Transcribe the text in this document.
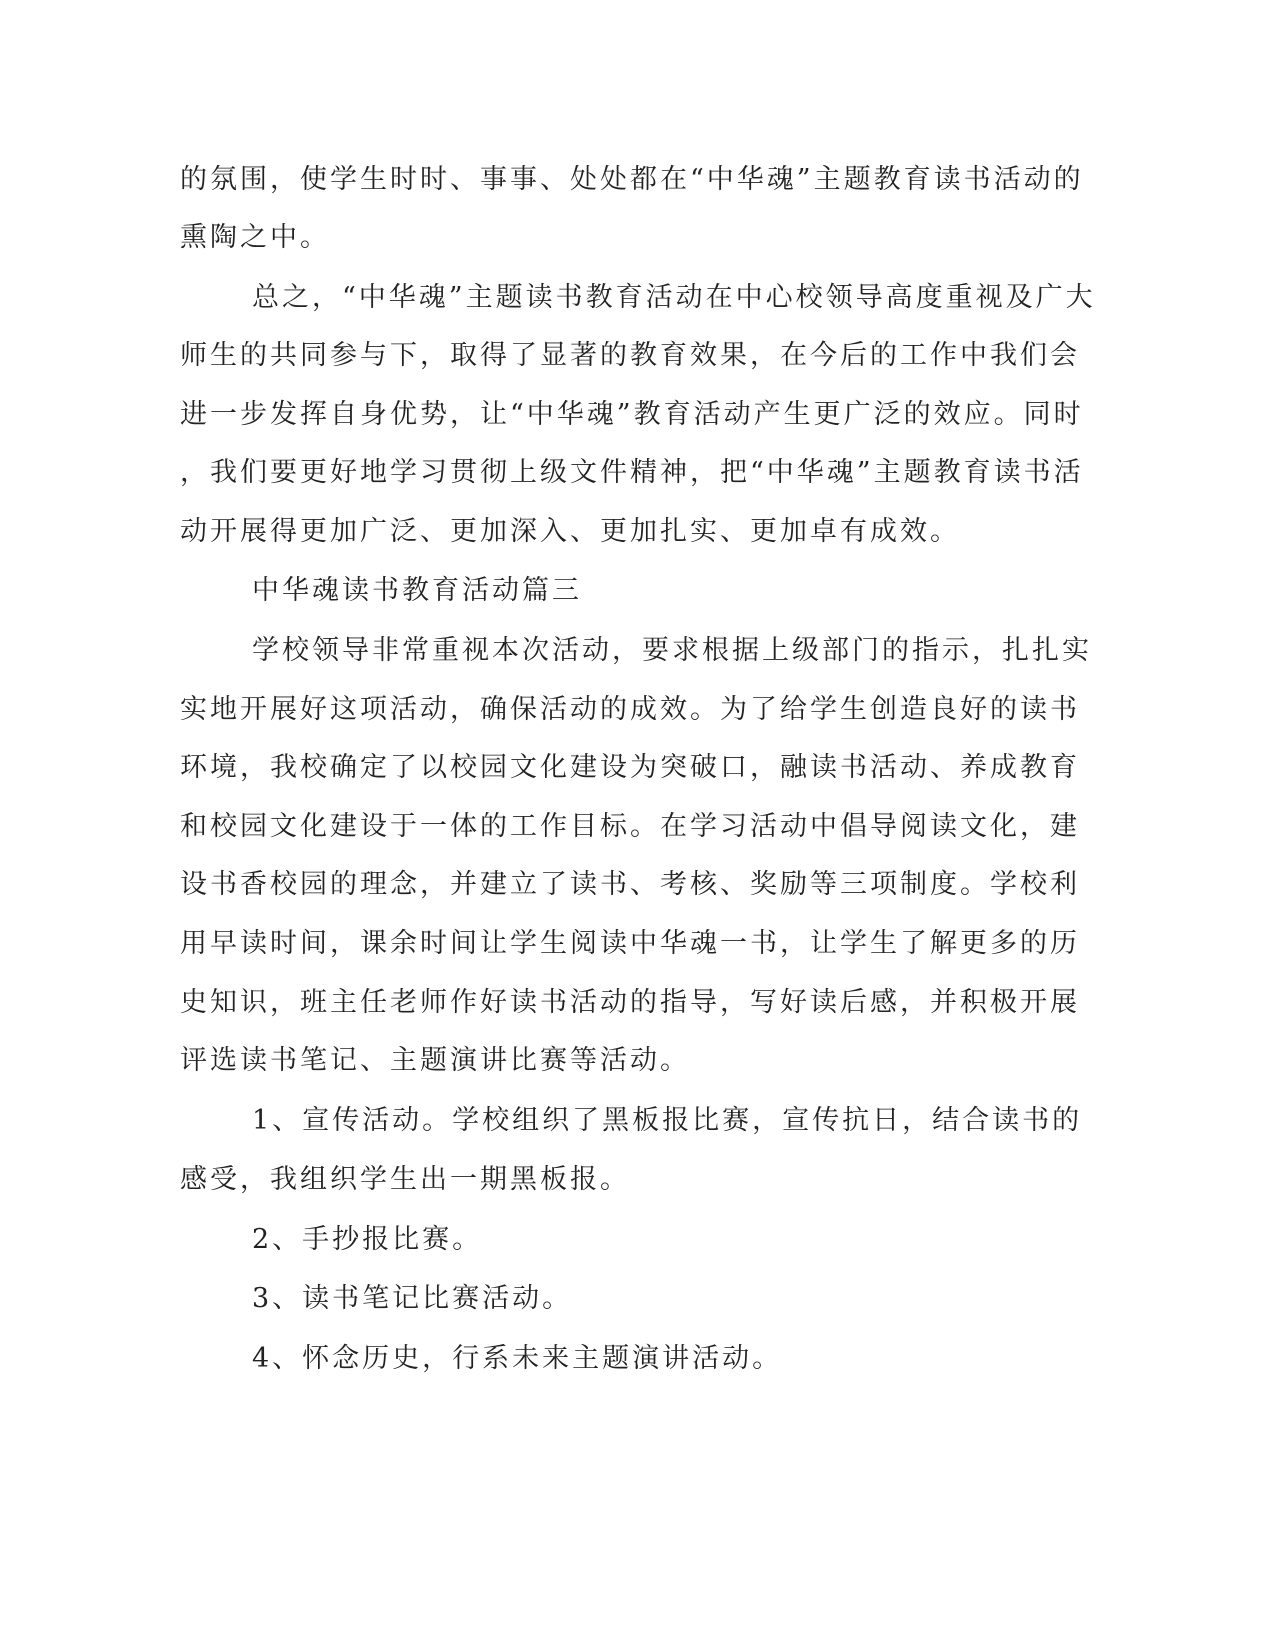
的氛围，使学生时时、事事、处处都在“中华魂”主题教育读书活动的
熏陶之中。
总之，“中华魂”主题读书教育活动在中心校领导高度重视及广大
师生的共同参与下，取得了显著的教育效果，在今后的工作中我们会
进一步发挥自身优势，让“中华魂”教育活动产生更广泛的效应。同时
，我们要更好地学习贯彻上级文件精神，把“中华魂”主题教育读书活
动开展得更加广泛、更加深入、更加扎实、更加卓有成效。
中华魂读书教育活动篇三
学校领导非常重视本次活动，要求根据上级部门的指示，扎扎实
实地开展好这项活动，确保活动的成效。为了给学生创造良好的读书
环境，我校确定了以校园文化建设为突破口，融读书活动、养成教育
和校园文化建设于一体的工作目标。在学习活动中倡导阅读文化，建
设书香校园的理念，并建立了读书、考核、奖励等三项制度。学校利
用早读时间，课余时间让学生阅读中华魂一书，让学生了解更多的历
史知识，班主任老师作好读书活动的指导，写好读后感，并积极开展
评选读书笔记、主题演讲比赛等活动。
1、宣传活动。学校组织了黑板报比赛，宣传抗日，结合读书的
感受，我组织学生出一期黑板报。
2、手抄报比赛。
3、读书笔记比赛活动。
4、怀念历史，行系未来主题演讲活动。
